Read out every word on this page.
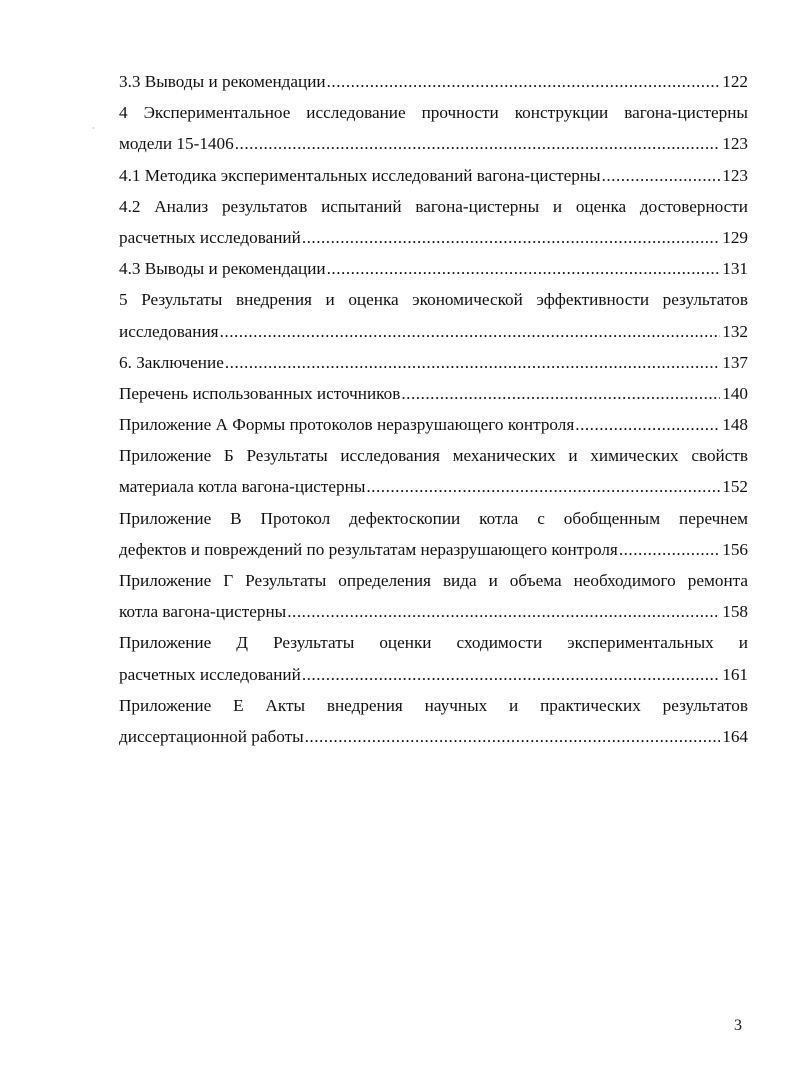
·
3.3 Выводы и рекомендации .....	122
4 Экспериментальное исследование прочности конструкции вагона-цистерны
модели 15-1406 .....	123
4.1 Методика экспериментальных исследований вагона-цистерны .....	123
4.2 Анализ результатов испытаний вагона-цистерны и оценка достоверности
расчетных исследований .....	129
4.3 Выводы и рекомендации .....	131
5 Результаты внедрения и оценка экономической эффективности результатов
исследования .....	132
6. Заключение .....	137
Перечень использованных источников .....	140
Приложение А Формы протоколов неразрушающего контроля .....	148
Приложение Б Результаты исследования механических и химических свойств
материала котла вагона-цистерны .....	152
Приложение В Протокол дефектоскопии котла с обобщенным перечнем
дефектов и повреждений по результатам неразрушающего контроля .....	156
Приложение Г Результаты определения вида и объема необходимого ремонта
котла вагона-цистерны .....	158
Приложение Д Результаты оценки сходимости экспериментальных и
расчетных исследований .....	161
Приложение Е Акты внедрения научных и практических результатов
диссертационной работы .....	164
3
